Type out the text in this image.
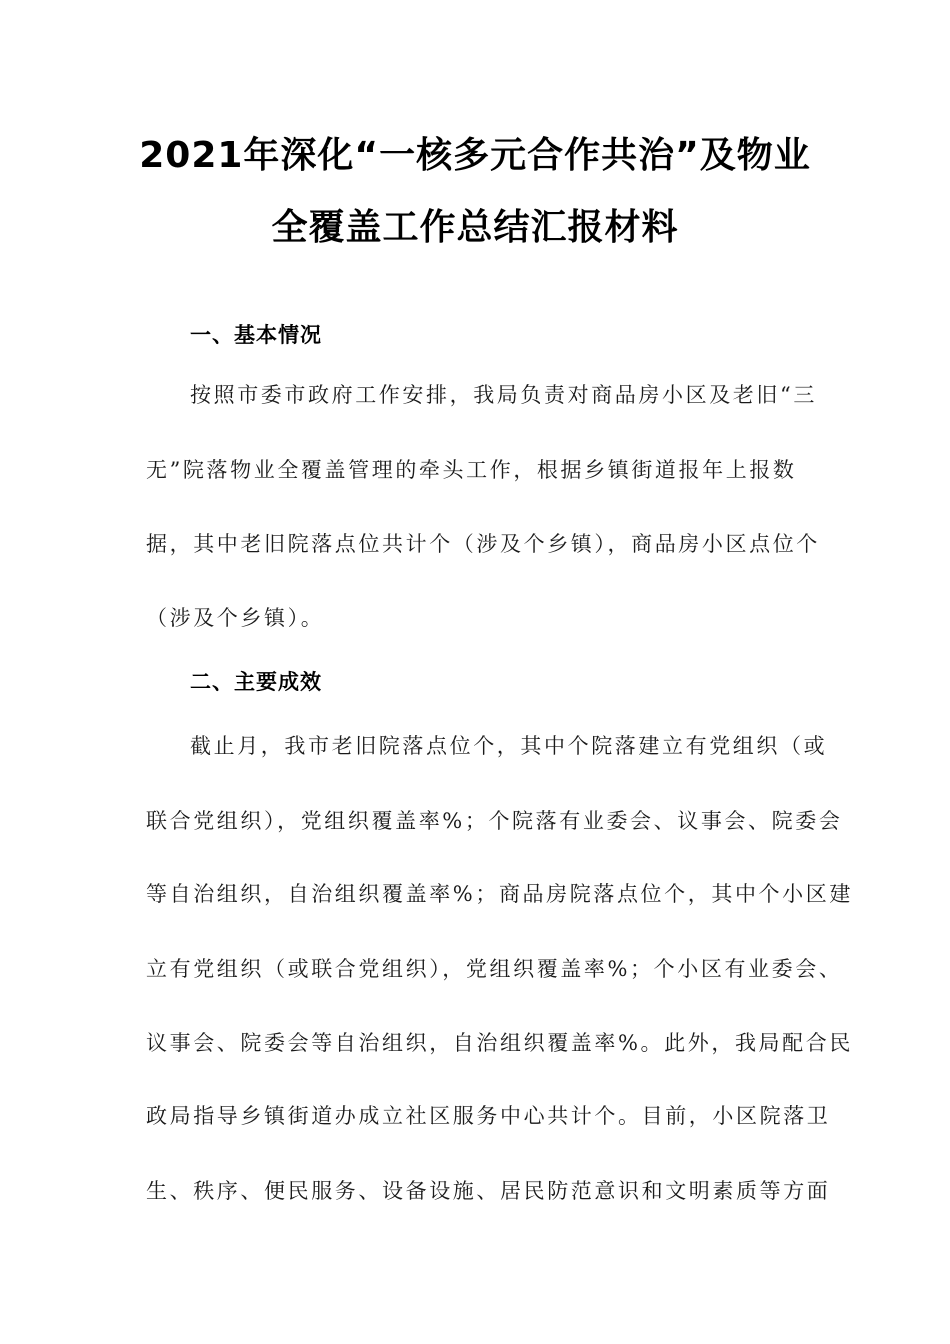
2021年深化“一核多元合作共治”及物业
全覆盖工作总结汇报材料
一、基本情况
按照市委市政府工作安排，我局负责对商品房小区及老旧“三
无”院落物业全覆盖管理的牵头工作，根据乡镇街道报年上报数
据，其中老旧院落点位共计个（涉及个乡镇），商品房小区点位个
（涉及个乡镇）。
二、主要成效
截止月，我市老旧院落点位个，其中个院落建立有党组织（或
联合党组织），党组织覆盖率%；个院落有业委会、议事会、院委会
等自治组织，自治组织覆盖率%；商品房院落点位个，其中个小区建
立有党组织（或联合党组织），党组织覆盖率%；个小区有业委会、
议事会、院委会等自治组织，自治组织覆盖率%。此外，我局配合民
政局指导乡镇街道办成立社区服务中心共计个。目前，小区院落卫
生、秩序、便民服务、设备设施、居民防范意识和文明素质等方面
